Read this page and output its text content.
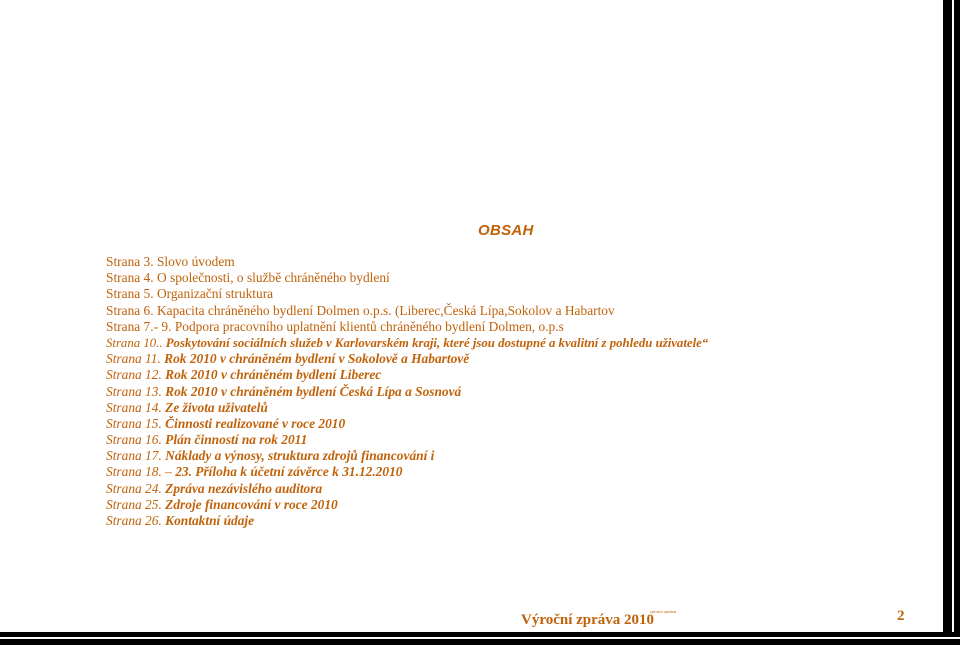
OBSAH
Strana 3. Slovo úvodem
Strana 4. O společnosti, o službě chráněného bydlení
Strana 5. Organizační struktura
Strana 6. Kapacita chráněného bydlení Dolmen o.p.s. (Liberec,Česká Lípa,Sokolov a Habartov
Strana 7.- 9. Podpora pracovního uplatnění klientů chráněného bydlení Dolmen, o.p.s
Strana 10.. Poskytování sociálních služeb v Karlovarském kraji, které jsou dostupné a kvalitní z pohledu uživatele“
Strana 11. Rok 2010 v chráněném bydlení v Sokolově a Habartově
Strana 12. Rok 2010 v chráněném bydlení Liberec
Strana 13. Rok 2010 v chráněném bydlení Česká Lípa a Sosnová
Strana 14. Ze života uživatelů
Strana 15. Činnosti realizované v roce 2010
Strana 16. Plán činností na rok 2011
Strana 17. Náklady a výnosy, struktura zdrojů financování i
Strana 18. – 23. Příloha k účetní závěrce k 31.12.2010
Strana 24. Zpráva nezávislého auditora
Strana 25. Zdroje financování v roce 2010
Strana 26. Kontaktní údaje
Výroční zpráva 2010
výroční zpráva	2
